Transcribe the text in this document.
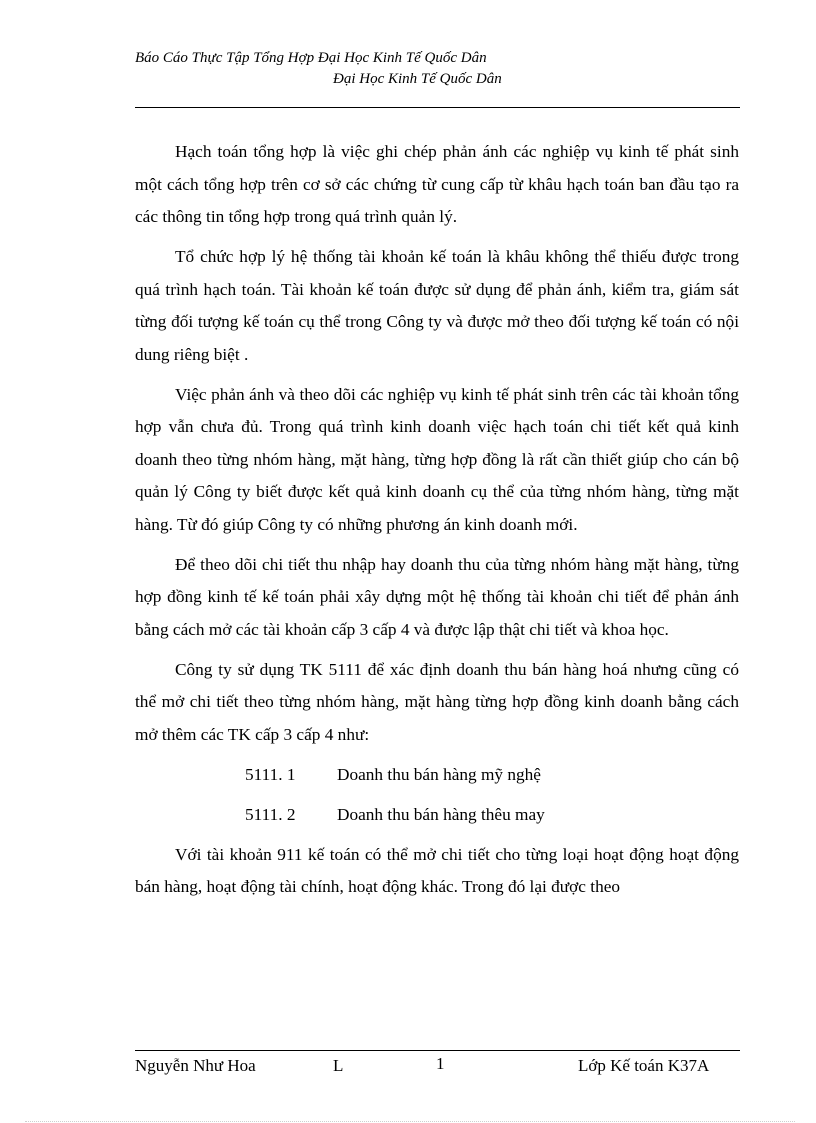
Báo Cáo Thực Tập Tổng Hợp Đại Học Kinh Tế Quốc Dân
Đại Học Kinh Tế Quốc Dân

Hạch toán tổng hợp là việc ghi chép phản ánh các nghiệp vụ kinh tế phát sinh một cách tổng hợp trên cơ sở các chứng từ cung cấp từ khâu hạch toán ban đầu tạo ra các thông tin tổng hợp trong quá trình quản lý.

Tổ chức hợp lý hệ thống tài khoản kế toán là khâu không thể thiếu được trong quá trình hạch toán. Tài khoản kế toán được sử dụng để phản ánh, kiểm tra, giám sát từng đối tượng kế toán cụ thể trong Công ty và được mở theo đối tượng kế toán có nội dung riêng biệt .

Việc phản ánh và theo dõi các nghiệp vụ kinh tế phát sinh trên các tài khoản tổng hợp vẫn chưa đủ. Trong quá trình kinh doanh việc hạch toán chi tiết kết quả kinh doanh theo từng nhóm hàng, mặt hàng, từng hợp đồng là rất cần thiết giúp cho cán bộ quản lý Công ty biết được kết quả kinh doanh cụ thể của từng nhóm hàng, từng mặt hàng. Từ đó giúp Công ty có những phương án kinh doanh mới.

Để theo dõi chi tiết thu nhập hay doanh thu của từng nhóm hàng mặt hàng, từng hợp đồng kinh tế kế toán phải xây dựng một hệ thống tài khoản chi tiết để phản ánh bằng cách mở các tài khoản cấp 3 cấp 4 và được lập thật chi tiết và khoa học.

Công ty sử dụng TK 5111 để xác định doanh thu bán hàng hoá nhưng cũng có thể mở chi tiết theo từng nhóm hàng, mặt hàng từng hợp đồng kinh doanh bằng cách mở thêm các TK cấp 3 cấp 4 như:

5111. 1 Doanh thu bán hàng mỹ nghệ
5111. 2 Doanh thu bán hàng thêu may

Với tài khoản 911 kế toán có thể mở chi tiết cho từng loại hoạt động hoạt động bán hàng, hoạt động tài chính, hoạt động khác. Trong đó lại được theo

Nguyễn Như Hoa	L	1	Lớp Kế toán K37A
